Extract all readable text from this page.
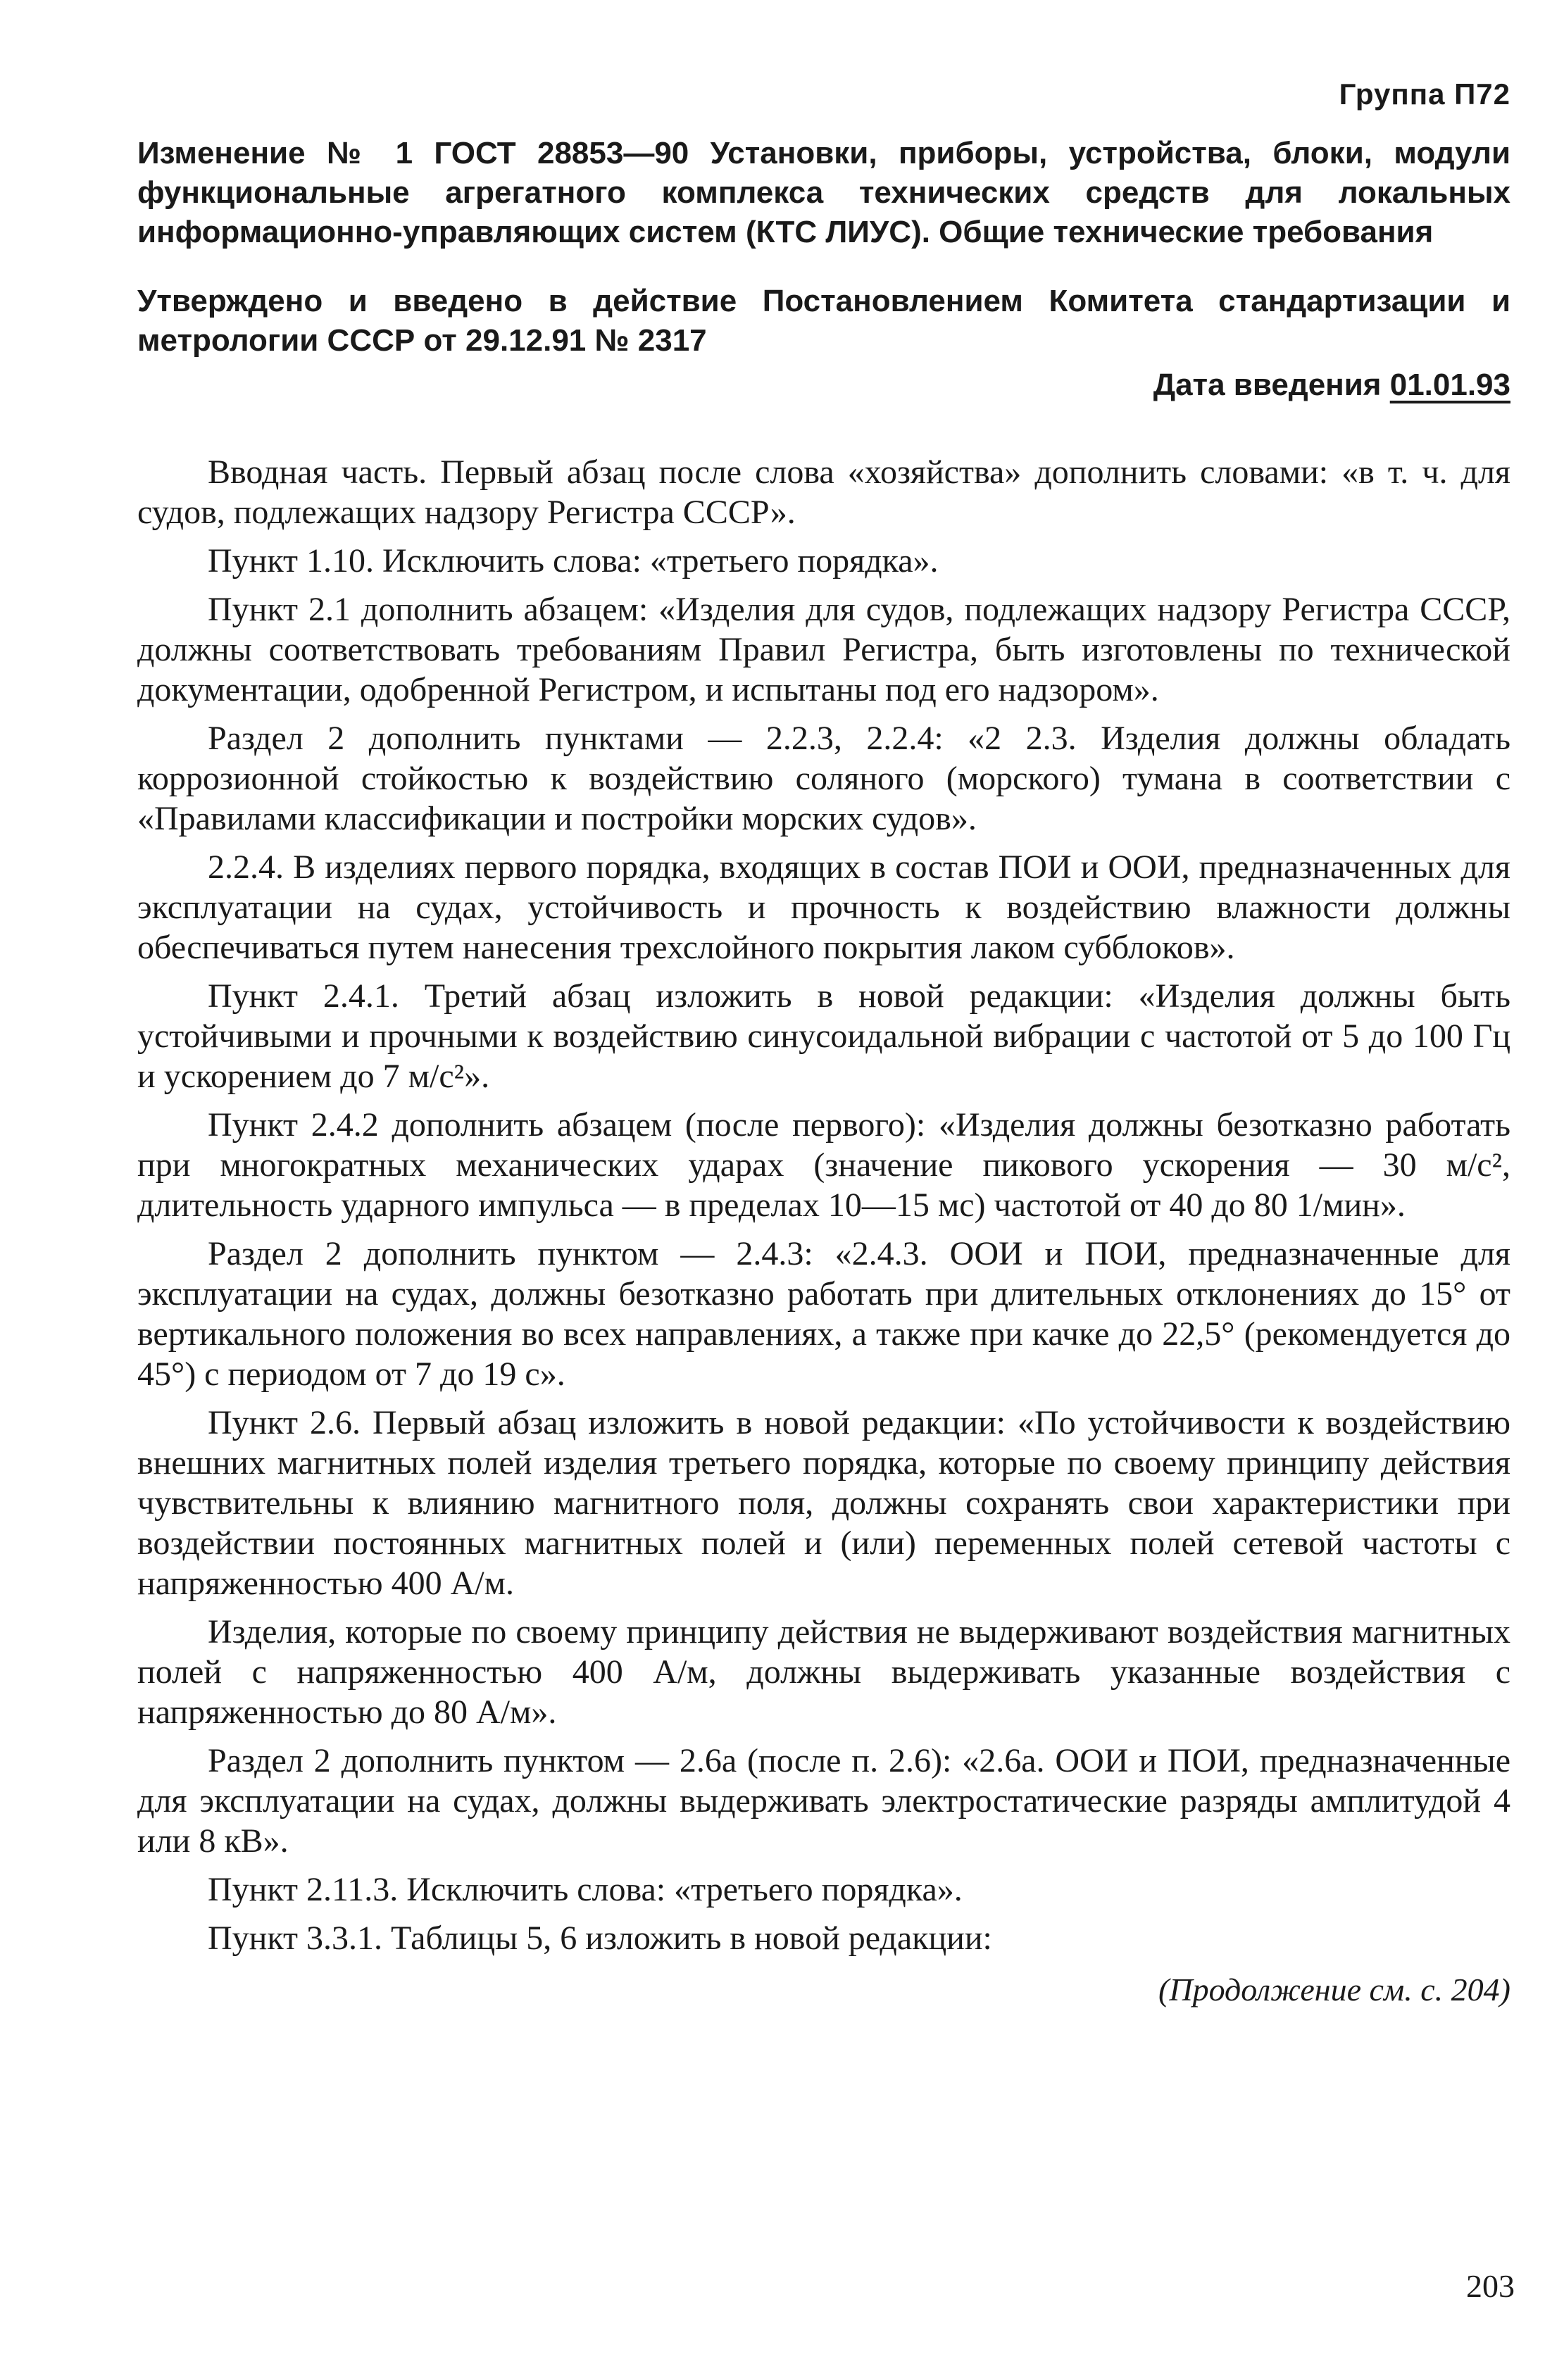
Группа П72

Изменение № 1 ГОСТ 28853—90 Установки, приборы, устройства, блоки, модули функциональные агрегатного комплекса технических средств для локальных информационно-управляющих систем (КТС ЛИУС). Общие технические требования

Утверждено и введено в действие Постановлением Комитета стандартизации и метрологии СССР от 29.12.91 № 2317

Дата введения 01.01.93

Вводная часть. Первый абзац после слова «хозяйства» дополнить словами: «в т. ч. для судов, подлежащих надзору Регистра СССР».

Пункт 1.10. Исключить слова: «третьего порядка».

Пункт 2.1 дополнить абзацем: «Изделия для судов, подлежащих надзору Регистра СССР, должны соответствовать требованиям Правил Регистра, быть изготовлены по технической документации, одобренной Регистром, и испытаны под его надзором».

Раздел 2 дополнить пунктами — 2.2.3, 2.2.4: «2 2.3. Изделия должны обладать коррозионной стойкостью к воздействию соляного (морского) тумана в соответствии с «Правилами классификации и постройки морских судов».

2.2.4. В изделиях первого порядка, входящих в состав ПОИ и ООИ, предназначенных для эксплуатации на судах, устойчивость и прочность к воздействию влажности должны обеспечиваться путем нанесения трехслойного покрытия лаком субблоков».

Пункт 2.4.1. Третий абзац изложить в новой редакции: «Изделия должны быть устойчивыми и прочными к воздействию синусоидальной вибрации с частотой от 5 до 100 Гц и ускорением до 7 м/с²».

Пункт 2.4.2 дополнить абзацем (после первого): «Изделия должны безотказно работать при многократных механических ударах (значение пикового ускорения — 30 м/с², длительность ударного импульса — в пределах 10—15 мс) частотой от 40 до 80 1/мин».

Раздел 2 дополнить пунктом — 2.4.3: «2.4.3. ООИ и ПОИ, предназначенные для эксплуатации на судах, должны безотказно работать при длительных отклонениях до 15° от вертикального положения во всех направлениях, а также при качке до 22,5° (рекомендуется до 45°) с периодом от 7 до 19 с».

Пункт 2.6. Первый абзац изложить в новой редакции: «По устойчивости к воздействию внешних магнитных полей изделия третьего порядка, которые по своему принципу действия чувствительны к влиянию магнитного поля, должны сохранять свои характеристики при воздействии постоянных магнитных полей и (или) переменных полей сетевой частоты с напряженностью 400 А/м.

Изделия, которые по своему принципу действия не выдерживают воздействия магнитных полей с напряженностью 400 А/м, должны выдерживать указанные воздействия с напряженностью до 80 А/м».

Раздел 2 дополнить пунктом — 2.6а (после п. 2.6): «2.6а. ООИ и ПОИ, предназначенные для эксплуатации на судах, должны выдерживать электростатические разряды амплитудой 4 или 8 кВ».

Пункт 2.11.3. Исключить слова: «третьего порядка».

Пункт 3.3.1. Таблицы 5, 6 изложить в новой редакции:

(Продолжение см. с. 204)
203
